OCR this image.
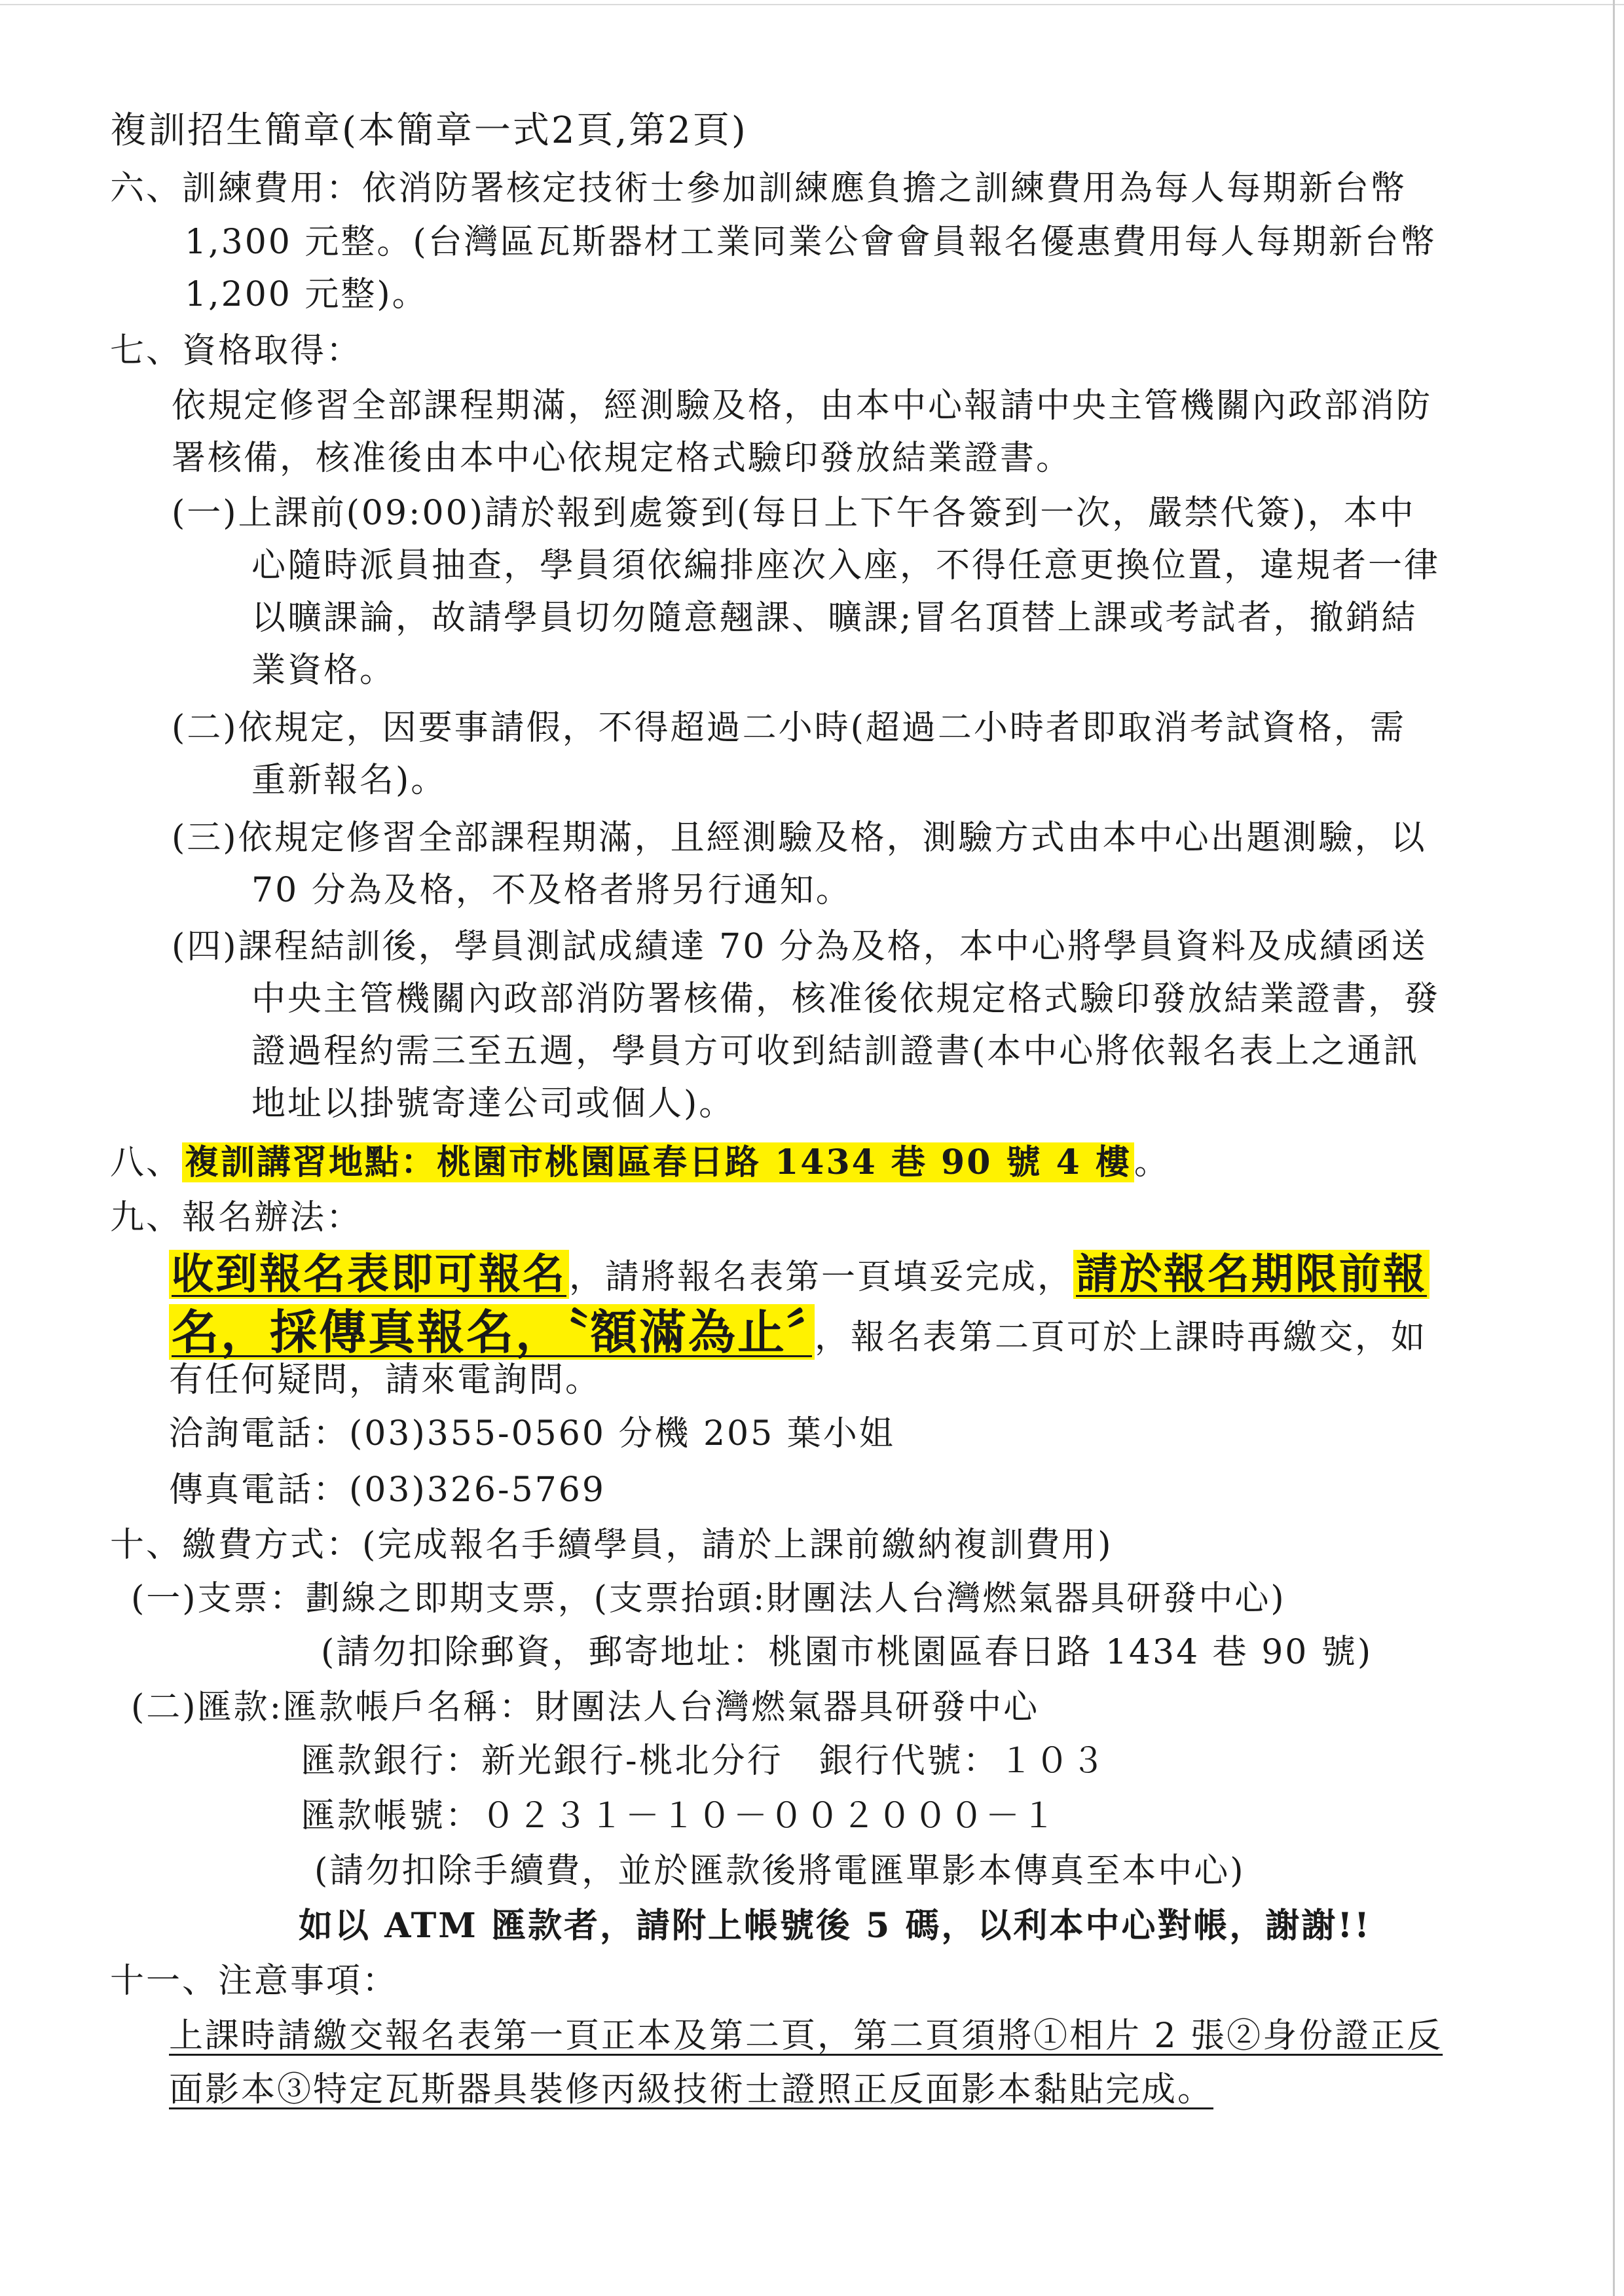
複訓招生簡章(本簡章一式2頁,第2頁)
六、訓練費用：依消防署核定技術士參加訓練應負擔之訓練費用為每人每期新台幣
1,300 元整。(台灣區瓦斯器材工業同業公會會員報名優惠費用每人每期新台幣
1,200 元整)。
七、資格取得：
依規定修習全部課程期滿，經測驗及格，由本中心報請中央主管機關內政部消防
署核備，核准後由本中心依規定格式驗印發放結業證書。
(一)上課前(09:00)請於報到處簽到(每日上下午各簽到一次，嚴禁代簽)，本中
心隨時派員抽查，學員須依編排座次入座，不得任意更換位置，違規者一律
以曠課論，故請學員切勿隨意翹課、曠課;冒名頂替上課或考試者，撤銷結
業資格。
(二)依規定，因要事請假，不得超過二小時(超過二小時者即取消考試資格，需
重新報名)。
(三)依規定修習全部課程期滿，且經測驗及格，測驗方式由本中心出題測驗，以
70 分為及格，不及格者將另行通知。
(四)課程結訓後，學員測試成績達 70 分為及格，本中心將學員資料及成績函送
中央主管機關內政部消防署核備，核准後依規定格式驗印發放結業證書，發
證過程約需三至五週，學員方可收到結訓證書(本中心將依報名表上之通訊
地址以掛號寄達公司或個人)。
八、複訓講習地點：桃園市桃園區春日路 1434 巷 90 號 4 樓。
九、報名辦法：
收到報名表即可報名，請將報名表第一頁填妥完成，請於報名期限前報
名，採傳真報名，〝額滿為止〞，報名表第二頁可於上課時再繳交，如
有任何疑問，請來電詢問。
洽詢電話：(03)355-0560 分機 205 葉小姐
傳真電話：(03)326-5769
十、繳費方式：(完成報名手續學員，請於上課前繳納複訓費用)
(一)支票：劃線之即期支票，(支票抬頭:財團法人台灣燃氣器具研發中心)
(請勿扣除郵資，郵寄地址：桃園市桃園區春日路 1434 巷 90 號)
(二)匯款:匯款帳戶名稱：財團法人台灣燃氣器具研發中心
匯款銀行：新光銀行-桃北分行　銀行代號：１０３
匯款帳號：０２３１－１０－００２０００－１
(請勿扣除手續費，並於匯款後將電匯單影本傳真至本中心)
如以 ATM 匯款者，請附上帳號後 5 碼，以利本中心對帳，謝謝!!
十一、注意事項：
上課時請繳交報名表第一頁正本及第二頁，第二頁須將①相片 2 張②身份證正反
面影本③特定瓦斯器具裝修丙級技術士證照正反面影本黏貼完成。
